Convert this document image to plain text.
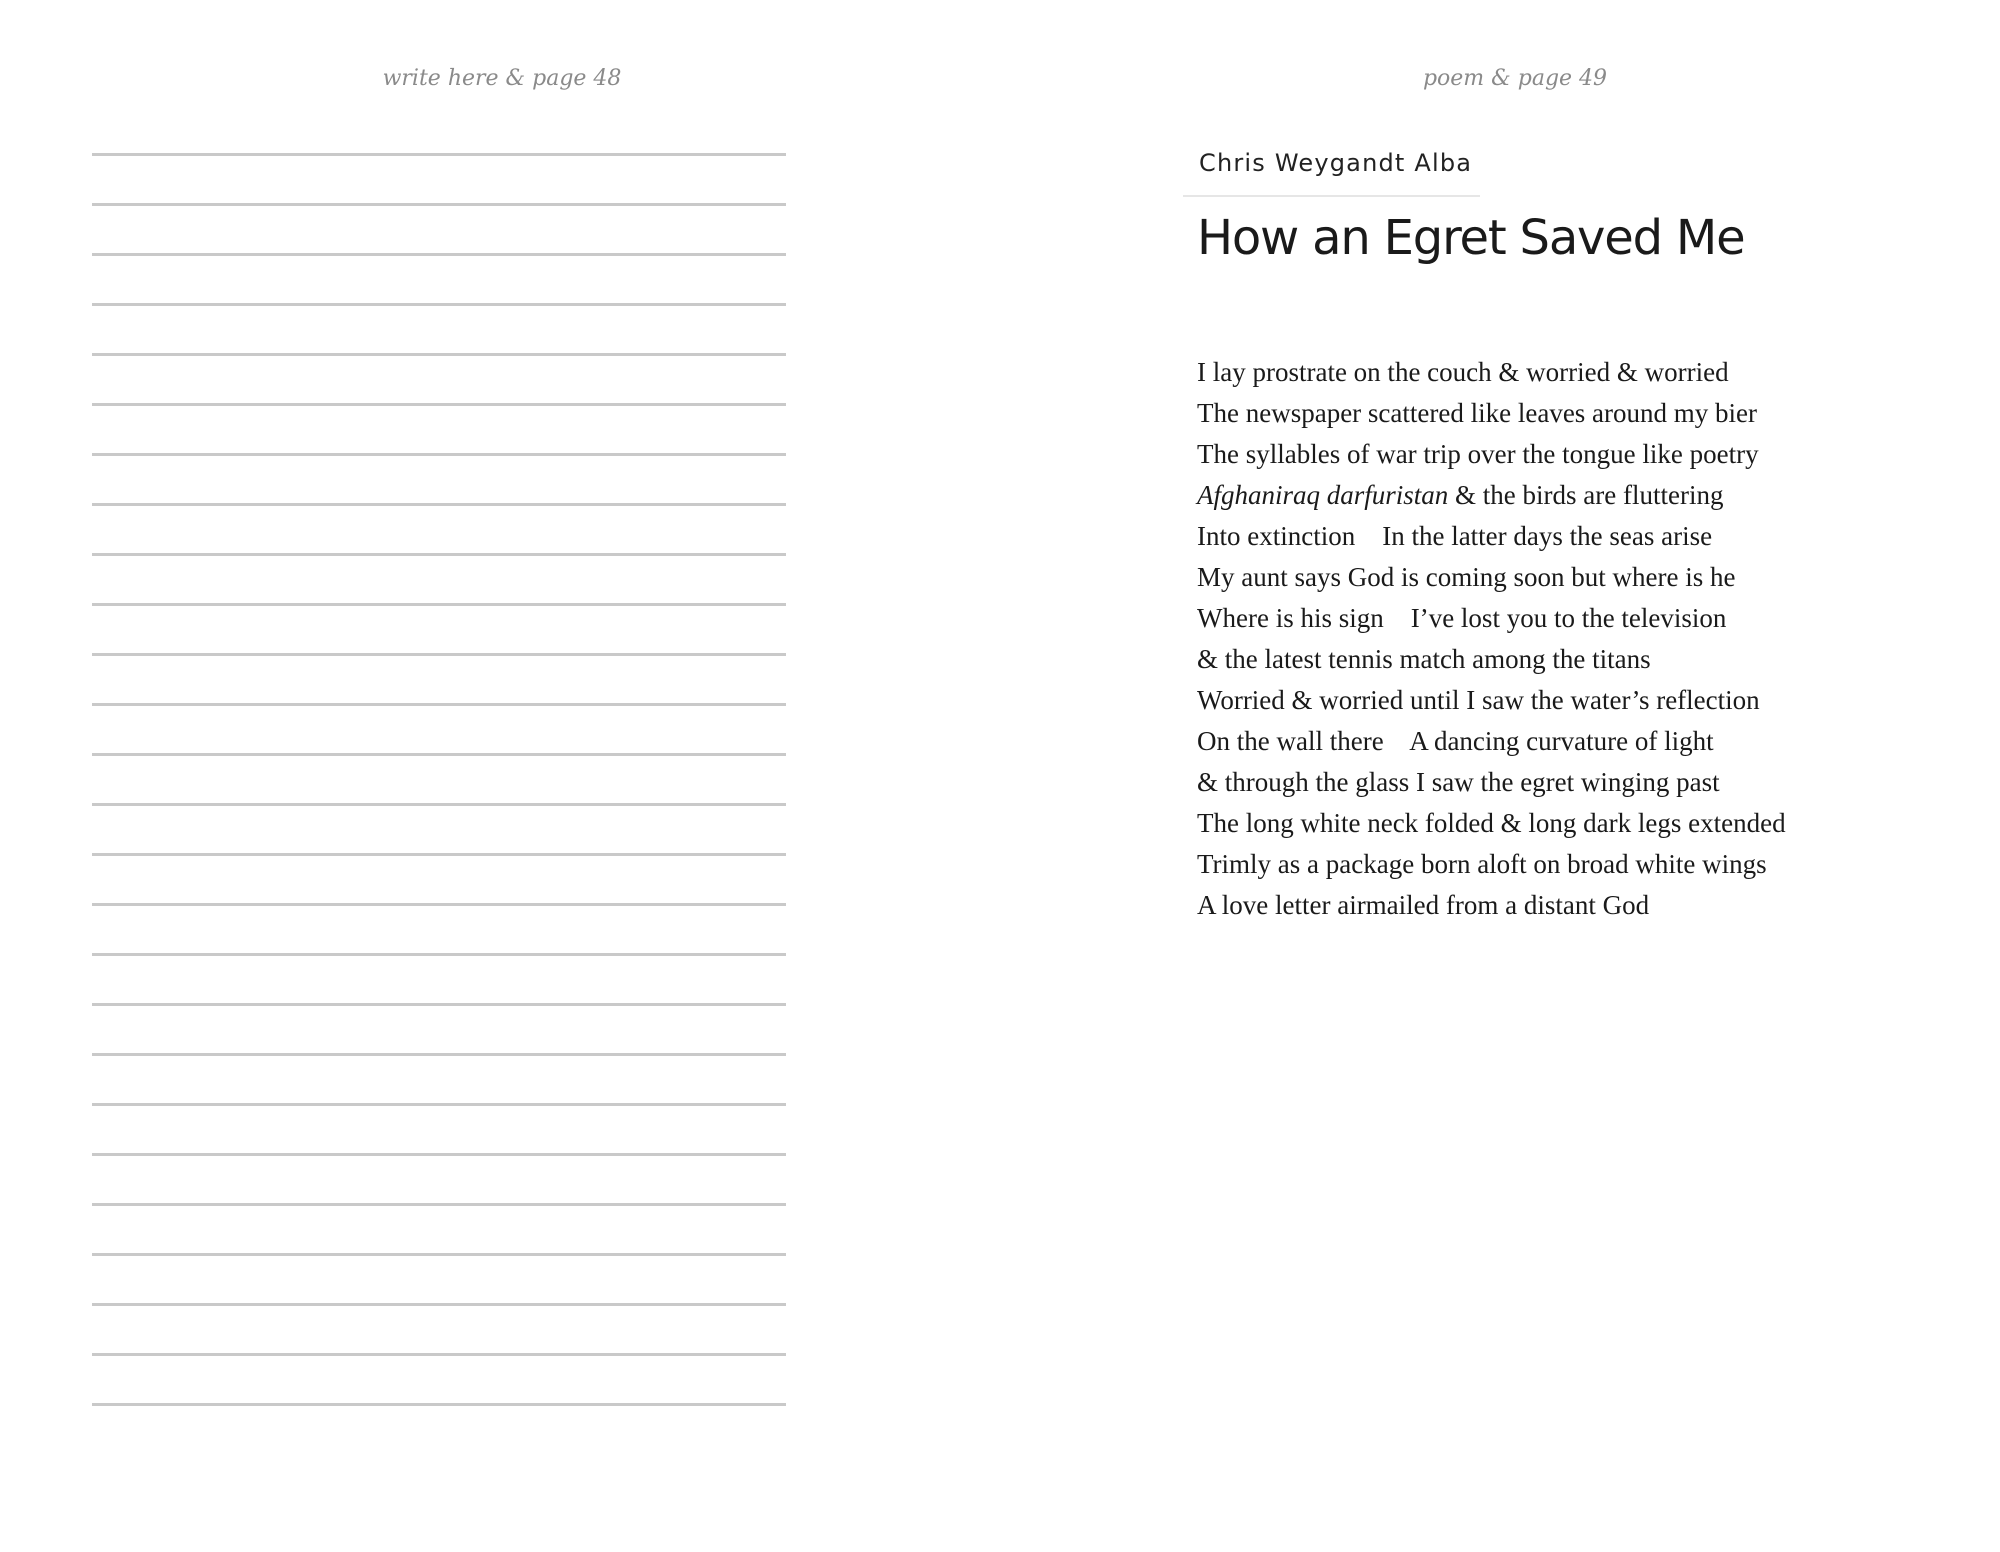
write here & page 48	poem & page 49
Chris Weygandt Alba
How an Egret Saved Me
I lay prostrate on the couch & worried & worried
The newspaper scattered like leaves around my bier
The syllables of war trip over the tongue like poetry
Afghaniraq darfuristan & the birds are fluttering
Into extinction    In the latter days the seas arise
My aunt says God is coming soon but where is he
Where is his sign    I’ve lost you to the television
& the latest tennis match among the titans
Worried & worried until I saw the water’s reflection
On the wall there    A dancing curvature of light
& through the glass I saw the egret winging past
The long white neck folded & long dark legs extended
Trimly as a package born aloft on broad white wings
A love letter airmailed from a distant God
